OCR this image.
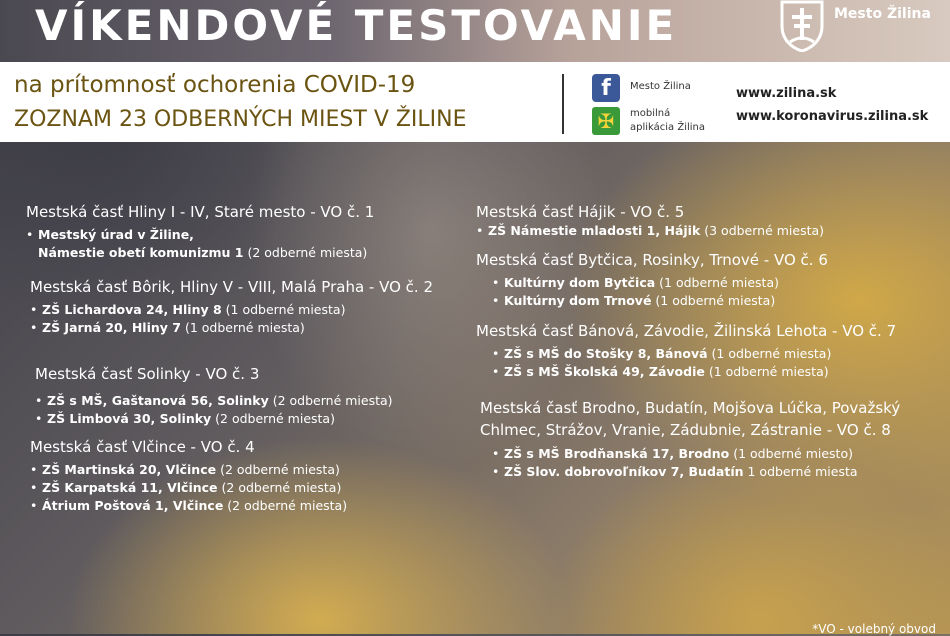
VÍKENDOVÉ TESTOVANIE	Mesto Žilina
na prítomnosť ochorenia COVID-19
ZOZNAM 23 ODBERNÝCH MIEST V ŽILINE
f	Mesto Žilina
✠	mobilná
aplikácia Žilina
www.zilina.sk
www.koronavirus.zilina.sk
Mestská časť Hliny I - IV, Staré mesto - VO č. 1
• Mestský úrad v Žiline,
Námestie obetí komunizmu 1 (2 odberné miesta)
Mestská časť Bôrik, Hliny V - VIII, Malá Praha - VO č. 2
• ZŠ Lichardova 24, Hliny 8 (1 odberné miesta)
• ZŠ Jarná 20, Hliny 7 (1 odberné miesta)
Mestská časť Solinky - VO č. 3
• ZŠ s MŠ, Gaštanová 56, Solinky (2 odberné miesta)
• ZŠ Limbová 30, Solinky (2 odberné miesta)
Mestská časť Vlčince - VO č. 4
• ZŠ Martinská 20, Vlčince (2 odberné miesta)
• ZŠ Karpatská 11, Vlčince (2 odberné miesta)
• Átrium Poštová 1, Vlčince (2 odberné miesta)
Mestská časť Hájik - VO č. 5
• ZŠ Námestie mladosti 1, Hájik (3 odberné miesta)
Mestská časť Bytčica, Rosinky, Trnové - VO č. 6
• Kultúrny dom Bytčica (1 odberné miesta)
• Kultúrny dom Trnové (1 odberné miesta)
Mestská časť Bánová, Závodie, Žilinská Lehota - VO č. 7
• ZŠ s MŠ do Stošky 8, Bánová (1 odberné miesta)
• ZŠ s MŠ Školská 49, Závodie (1 odberné miesta)
Mestská časť Brodno, Budatín, Mojšova Lúčka, Považský Chlmec, Strážov, Vranie, Zádubnie, Zástranie - VO č. 8
• ZŠ s MŠ Brodňanská 17, Brodno (1 odberné miesto)
• ZŠ Slov. dobrovoľníkov 7, Budatín 1 odberné miesta
*VO - volebný obvod
